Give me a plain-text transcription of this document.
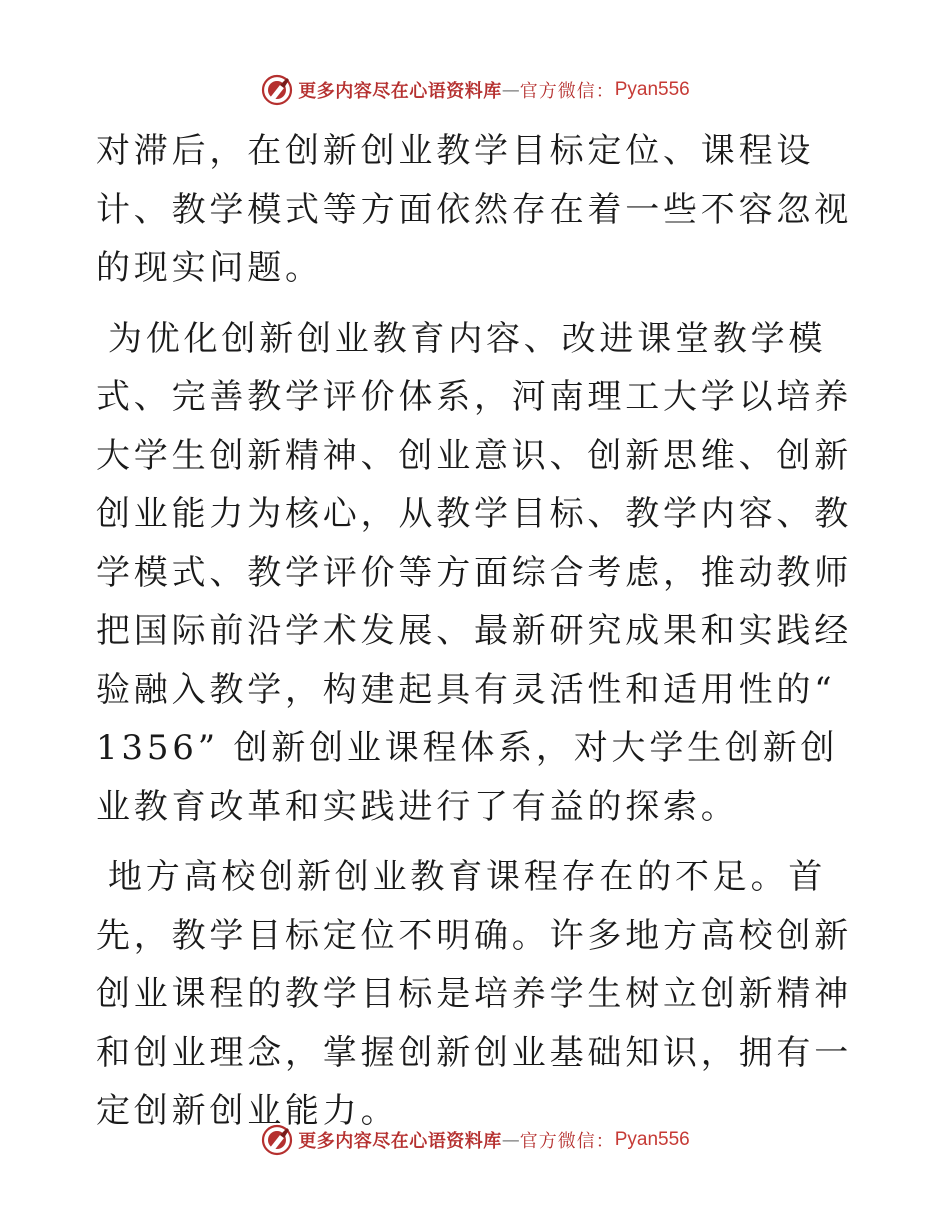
更多内容尽在心语资料库 — 官方微信： Pyan556

对滞后，在创新创业教学目标定位、课程设计、教学模式等方面依然存在着一些不容忽视的现实问题。

为优化创新创业教育内容、改进课堂教学模式、完善教学评价体系，河南理工大学以培养大学生创新精神、创业意识、创新思维、创新创业能力为核心，从教学目标、教学内容、教学模式、教学评价等方面综合考虑，推动教师把国际前沿学术发展、最新研究成果和实践经验融入教学，构建起具有灵活性和适用性的“ 1356” 创新创业课程体系，对大学生创新创业教育改革和实践进行了有益的探索。

地方高校创新创业教育课程存在的不足。首先，教学目标定位不明确。许多地方高校创新创业课程的教学目标是培养学生树立创新精神和创业理念，掌握创新创业基础知识，拥有一定创新创业能力。

更多内容尽在心语资料库 — 官方微信： Pyan556
